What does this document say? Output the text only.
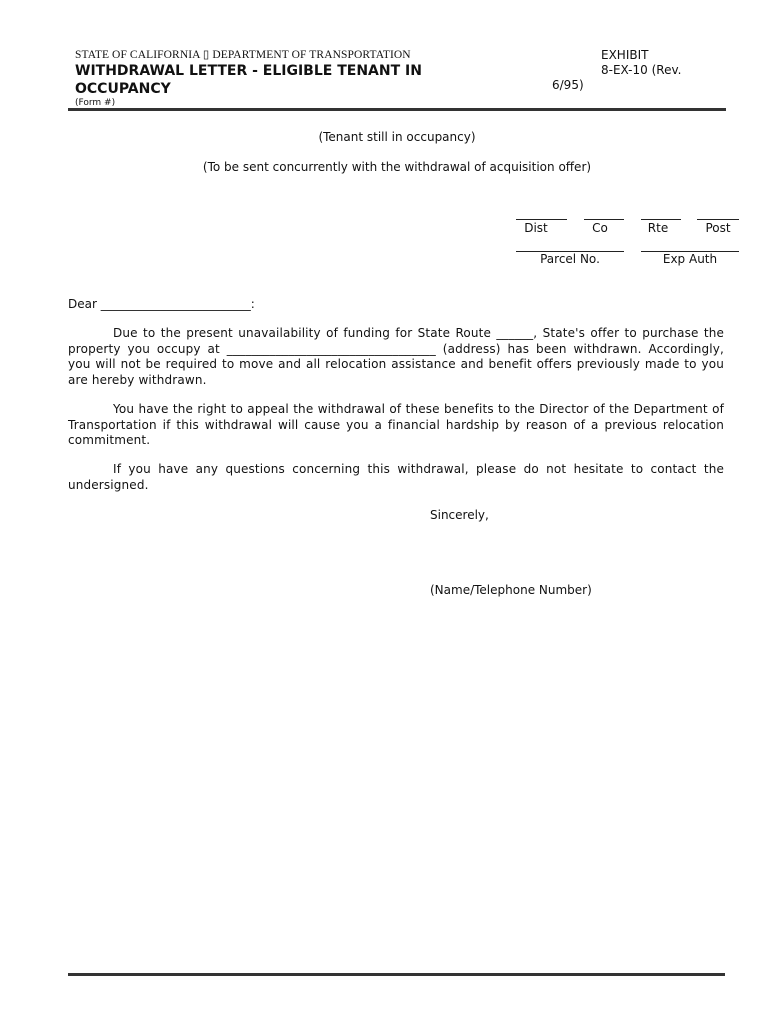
STATE OF CALIFORNIA ▯ DEPARTMENT OF TRANSPORTATION
WITHDRAWAL LETTER - ELIGIBLE TENANT IN OCCUPANCY
(Form #)
EXHIBIT
8-EX-10 (Rev.
6/95)
(Tenant still in occupancy)
(To be sent concurrently with the withdrawal of acquisition offer)
Dist	Co	Rte	Post
Parcel No.	Exp Auth
Dear _________________________:
Due to the present unavailability of funding for State Route ______, State's offer to purchase the property you occupy at __________________________________ (address) has been withdrawn. Accordingly, you will not be required to move and all relocation assistance and benefit offers previously made to you are hereby withdrawn.
You have the right to appeal the withdrawal of these benefits to the Director of the Department of Transportation if this withdrawal will cause you a financial hardship by reason of a previous relocation commitment.
If you have any questions concerning this withdrawal, please do not hesitate to contact the undersigned.
Sincerely,
(Name/Telephone Number)
